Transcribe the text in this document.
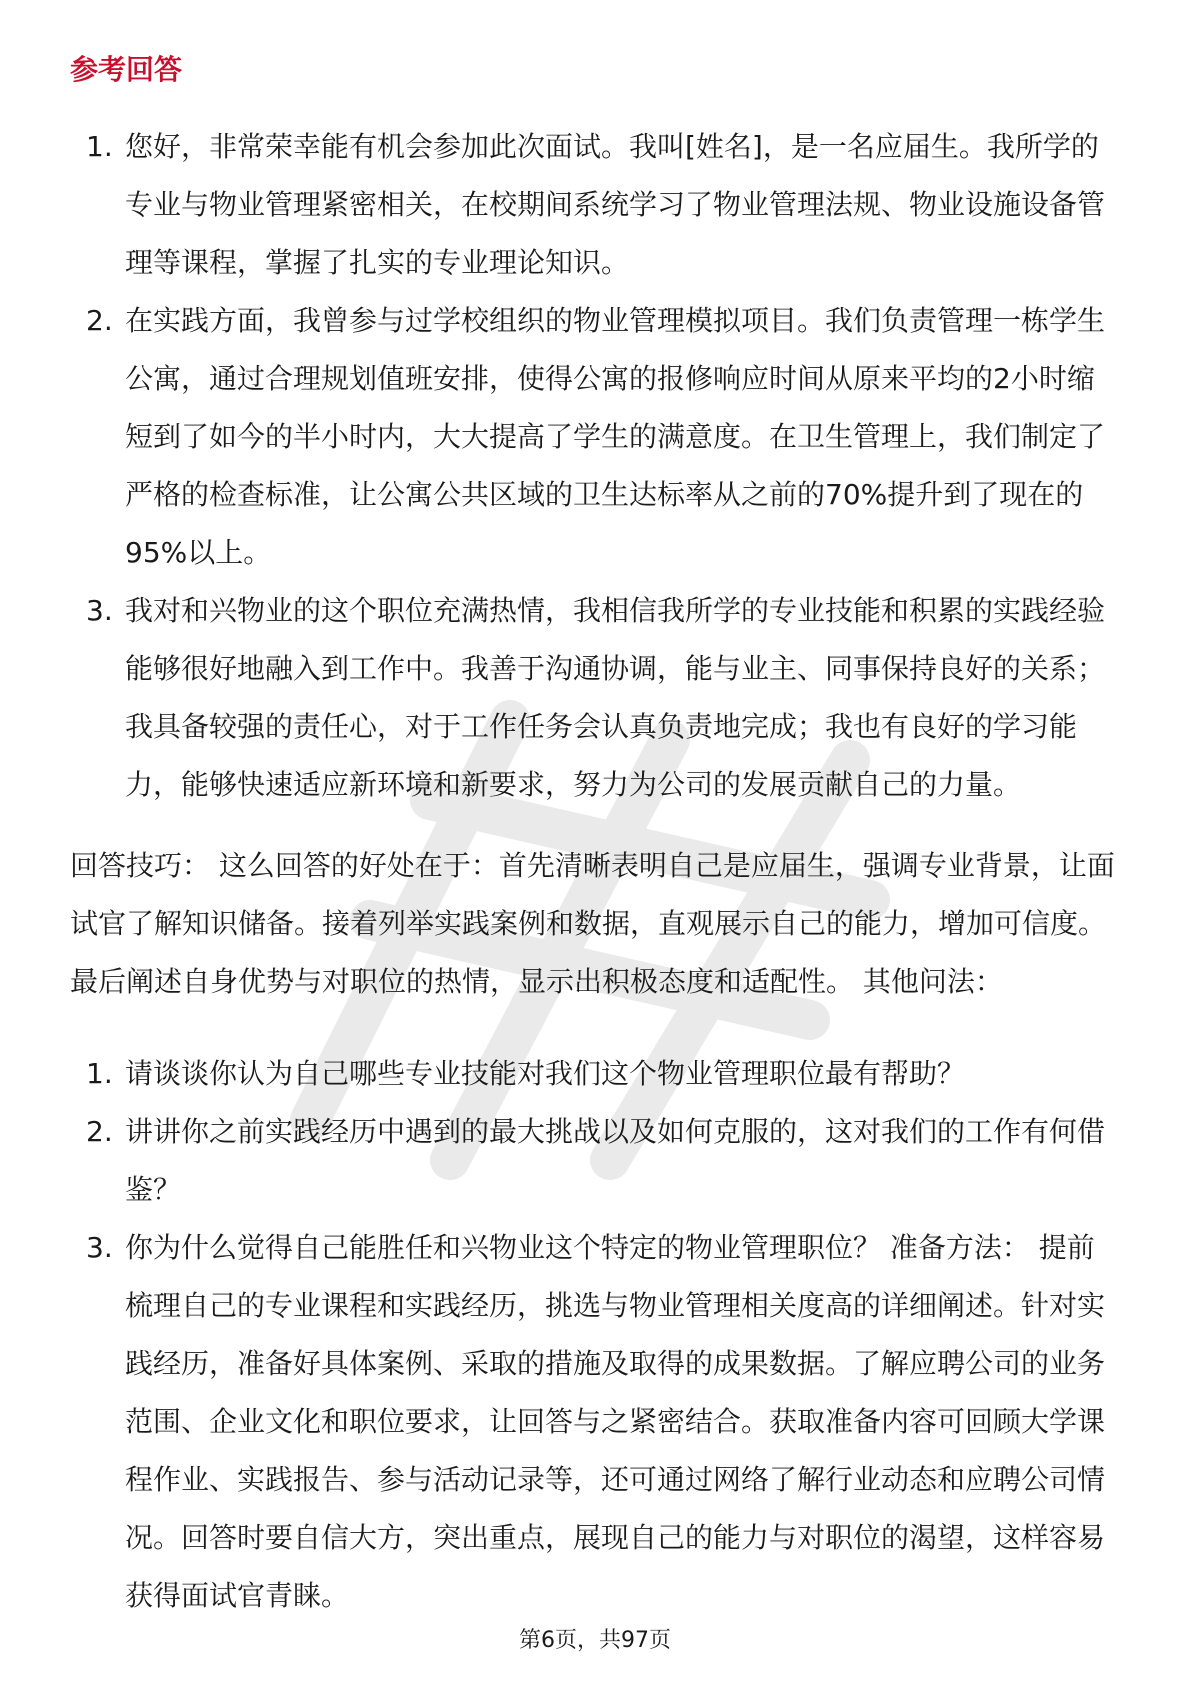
参考回答
1. 您好，非常荣幸能有机会参加此次面试。我叫[姓名]，是一名应届生。我所学的专业与物业管理紧密相关，在校期间系统学习了物业管理法规、物业设施设备管理等课程，掌握了扎实的专业理论知识。
2. 在实践方面，我曾参与过学校组织的物业管理模拟项目。我们负责管理一栋学生公寓，通过合理规划值班安排，使得公寓的报修响应时间从原来平均的2小时缩短到了如今的半小时内，大大提高了学生的满意度。在卫生管理上，我们制定了严格的检查标准，让公寓公共区域的卫生达标率从之前的70%提升到了现在的95%以上。
3. 我对和兴物业的这个职位充满热情，我相信我所学的专业技能和积累的实践经验能够很好地融入到工作中。我善于沟通协调，能与业主、同事保持良好的关系；我具备较强的责任心，对于工作任务会认真负责地完成；我也有良好的学习能力，能够快速适应新环境和新要求，努力为公司的发展贡献自己的力量。

回答技巧： 这么回答的好处在于：首先清晰表明自己是应届生，强调专业背景，让面试官了解知识储备。接着列举实践案例和数据，直观展示自己的能力，增加可信度。最后阐述自身优势与对职位的热情，显示出积极态度和适配性。 其他问法：

1. 请谈谈你认为自己哪些专业技能对我们这个物业管理职位最有帮助？
2. 讲讲你之前实践经历中遇到的最大挑战以及如何克服的，这对我们的工作有何借鉴？
3. 你为什么觉得自己能胜任和兴物业这个特定的物业管理职位？ 准备方法： 提前梳理自己的专业课程和实践经历，挑选与物业管理相关度高的详细阐述。针对实践经历，准备好具体案例、采取的措施及取得的成果数据。了解应聘公司的业务范围、企业文化和职位要求，让回答与之紧密结合。获取准备内容可回顾大学课程作业、实践报告、参与活动记录等，还可通过网络了解行业动态和应聘公司情况。回答时要自信大方，突出重点，展现自己的能力与对职位的渴望，这样容易获得面试官青睐。
第6页，共97页
